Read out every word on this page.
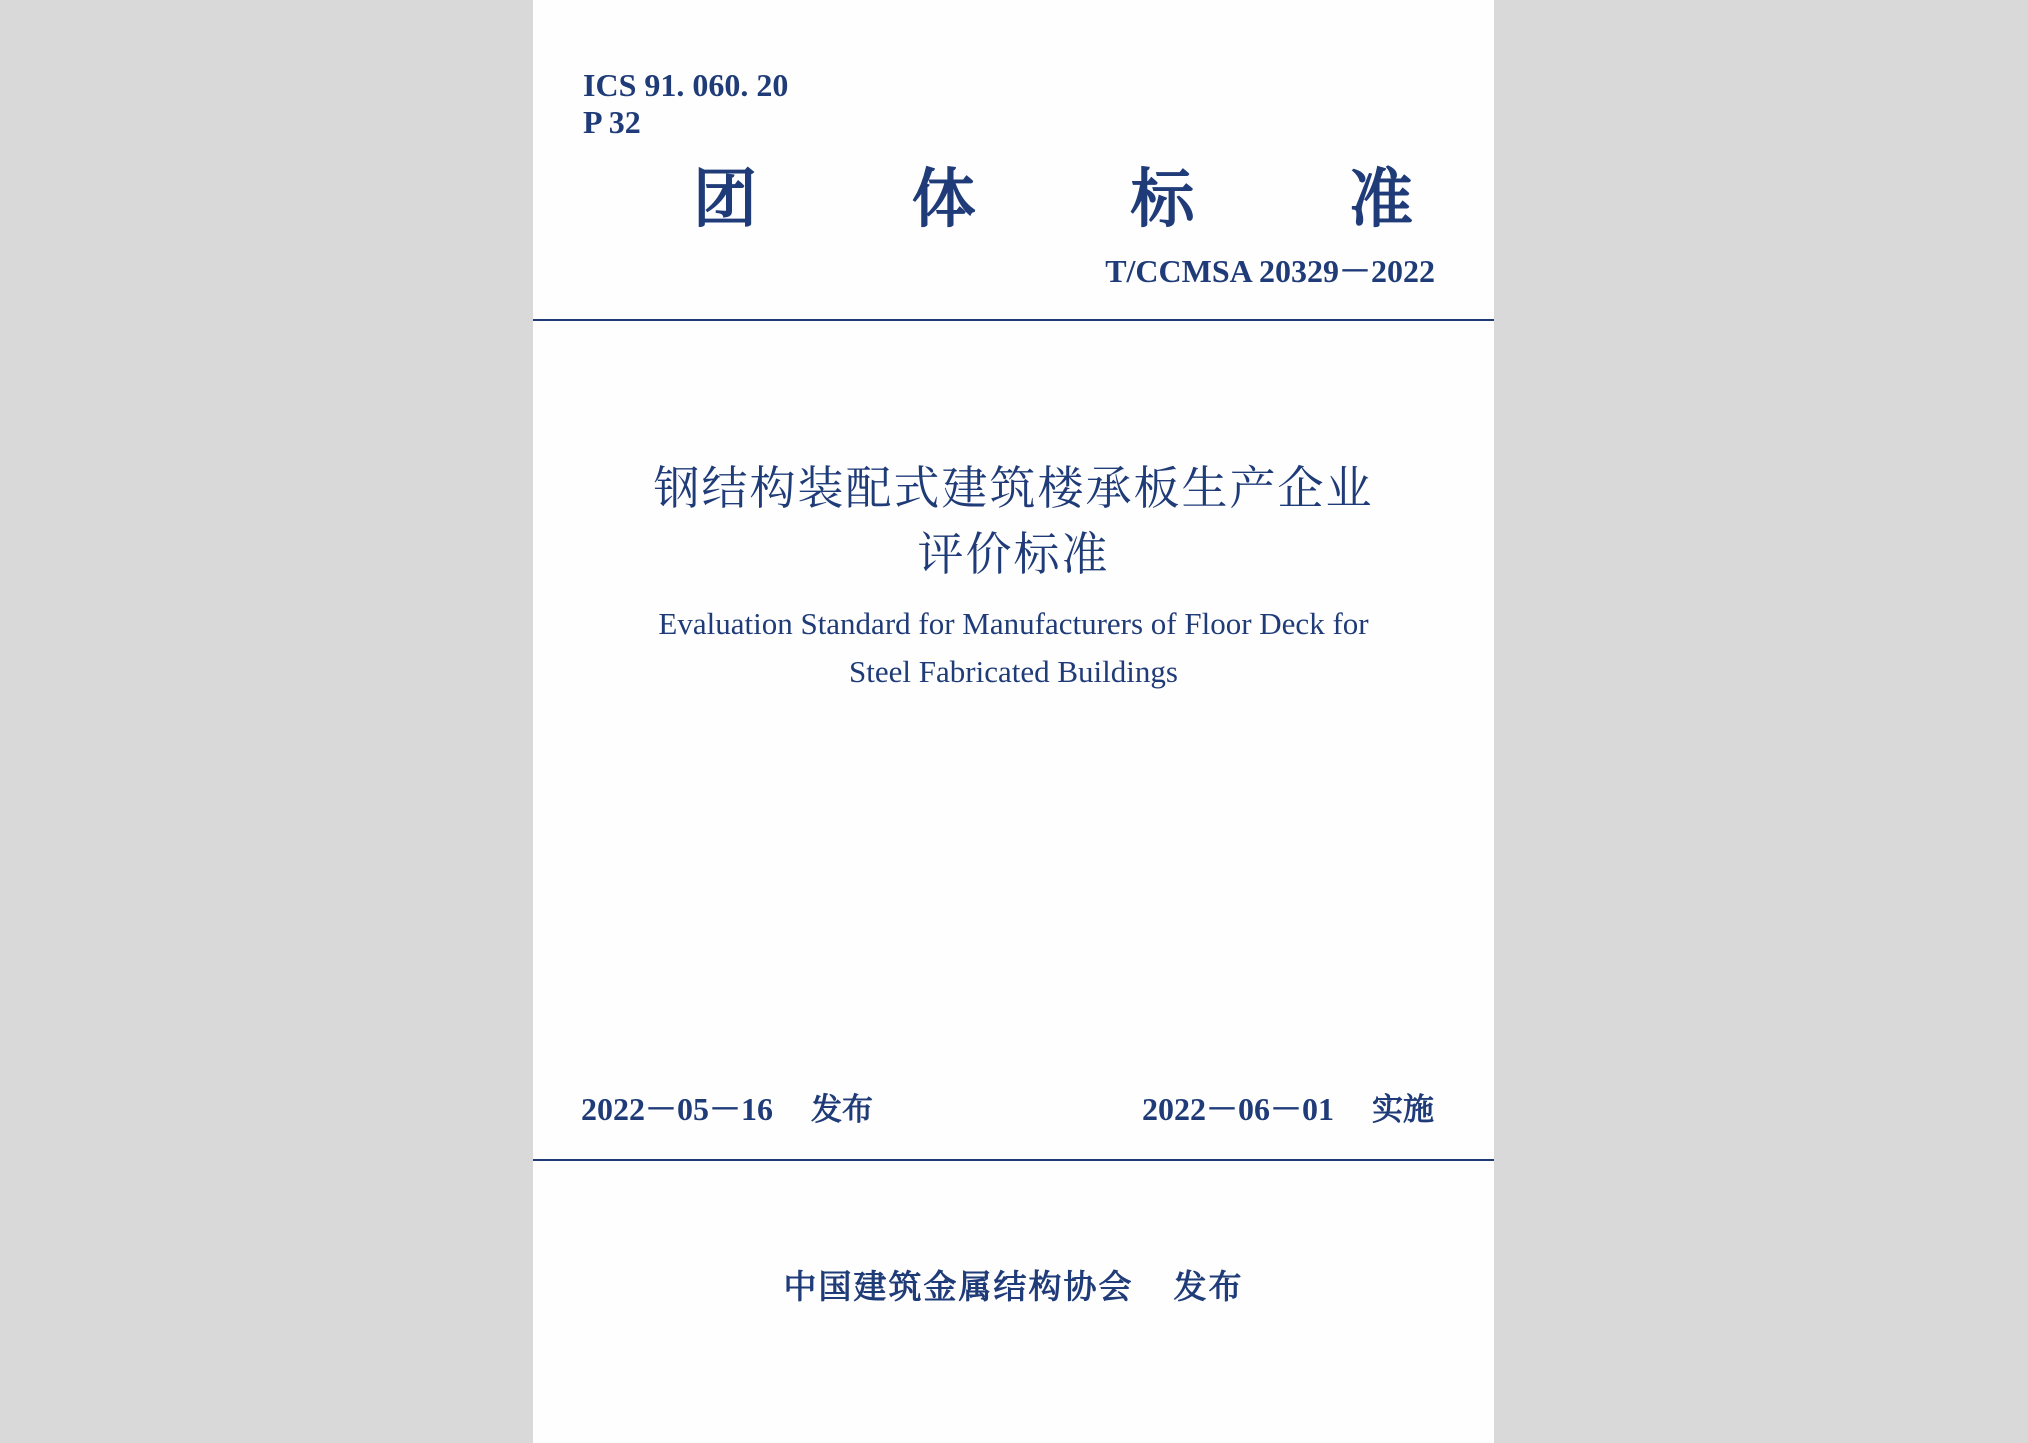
ICS 91. 060. 20
P 32
团 体 标 准
T/CCMSA 20329－2022
钢结构装配式建筑楼承板生产企业
评价标准
Evaluation Standard for Manufacturers of Floor Deck for
Steel Fabricated Buildings
2022－05－16 发布	2022－06－01 实施
中国建筑金属结构协会 发布
